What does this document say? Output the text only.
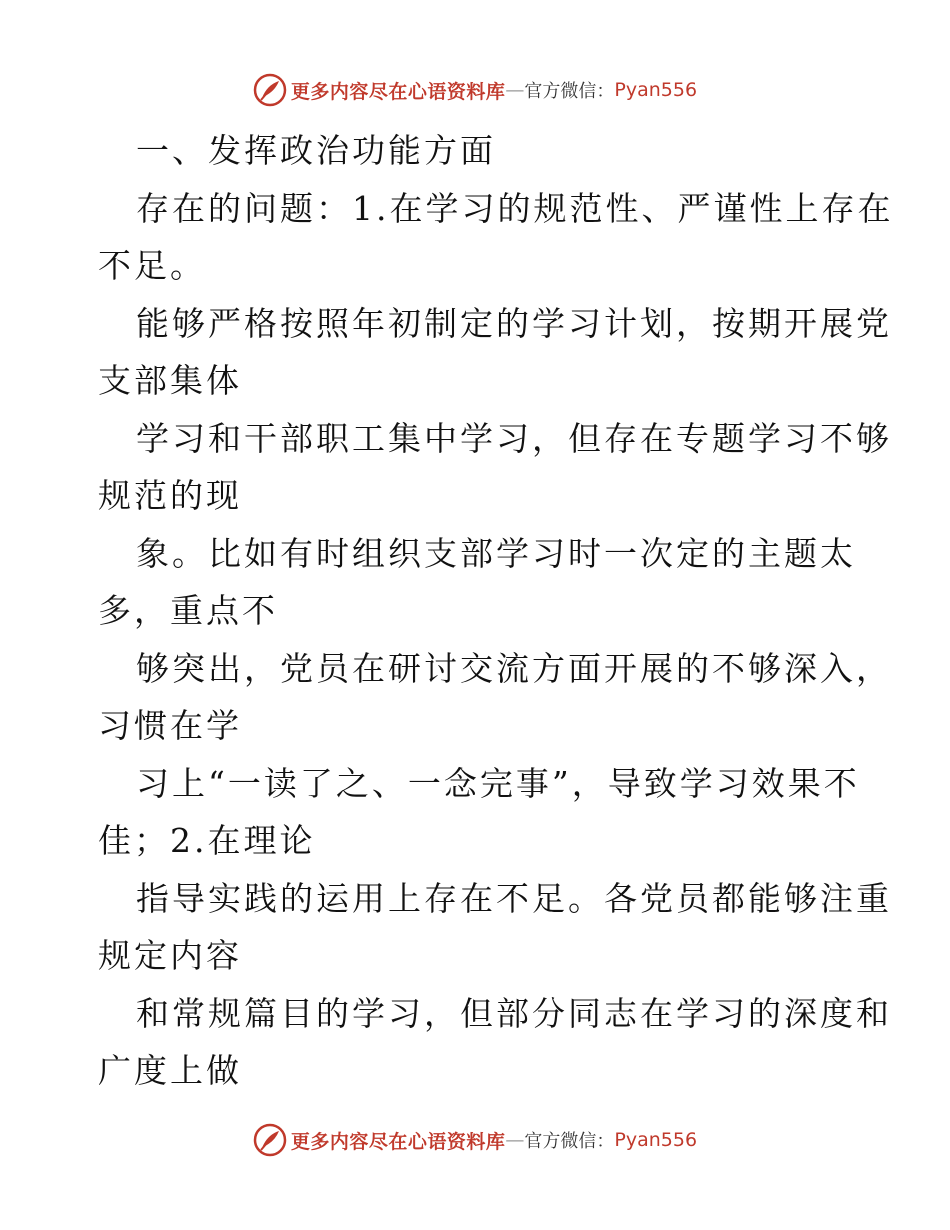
更多内容尽在心语资料库 — 官方微信： Pyan556
一、发挥政治功能方面
存在的问题：1.在学习的规范性、严谨性上存在
不足。
能够严格按照年初制定的学习计划，按期开展党
支部集体
学习和干部职工集中学习，但存在专题学习不够
规范的现
象。比如有时组织支部学习时一次定的主题太
多，重点不
够突出，党员在研讨交流方面开展的不够深入，
习惯在学
习上“一读了之、一念完事”，导致学习效果不
佳；2.在理论
指导实践的运用上存在不足。各党员都能够注重
规定内容
和常规篇目的学习，但部分同志在学习的深度和
广度上做
更多内容尽在心语资料库 — 官方微信： Pyan556
